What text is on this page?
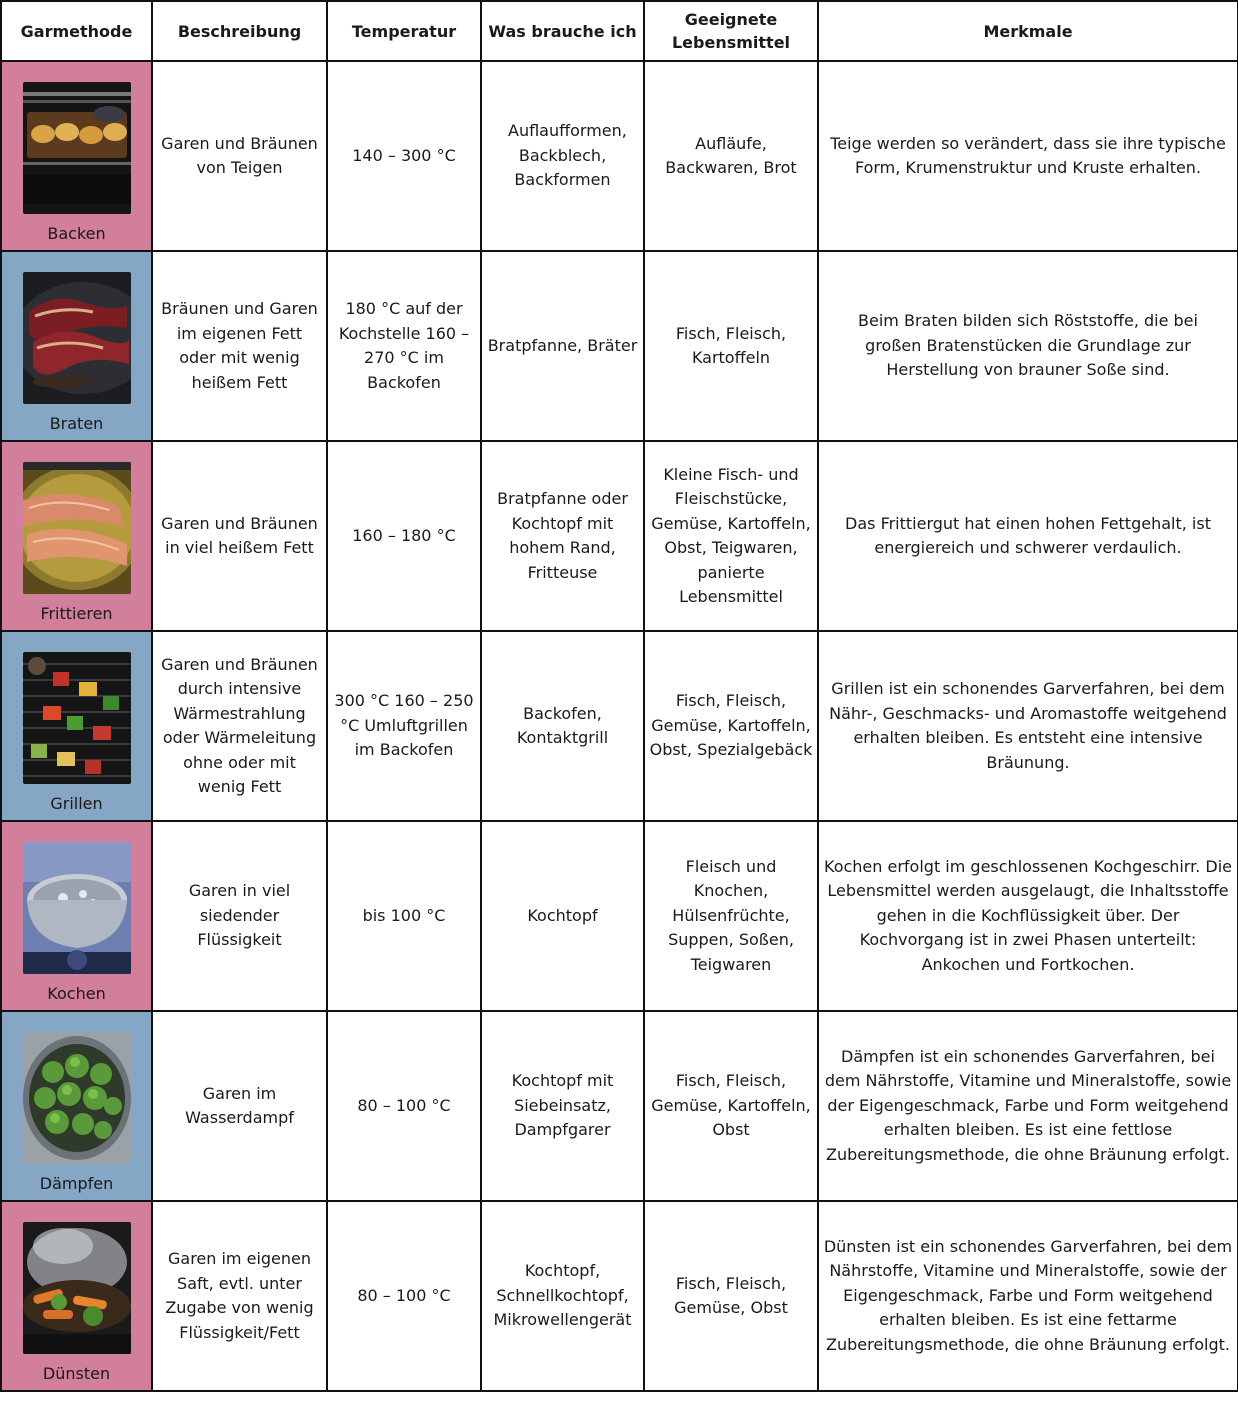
Garmethode	Beschreibung	Temperatur	Was brauche ich	Geeignete Lebensmittel	Merkmale

Backen	Garen und Bräunen von Teigen	140 – 300 °C	Auflaufformen, Backblech, Backformen	Aufläufe, Backwaren, Brot	Teige werden so verändert, dass sie ihre typische Form, Krumenstruktur und Kruste erhalten.

Braten	Bräunen und Garen im eigenen Fett oder mit wenig heißem Fett	180 °C auf der Kochstelle 160 – 270 °C im Backofen	Bratpfanne, Bräter	Fisch, Fleisch, Kartoffeln	Beim Braten bilden sich Röststoffe, die bei großen Bratenstücken die Grundlage zur Herstellung von brauner Soße sind.

Frittieren	Garen und Bräunen in viel heißem Fett	160 – 180 °C	Bratpfanne oder Kochtopf mit hohem Rand, Fritteuse	Kleine Fisch- und Fleischstücke, Gemüse, Kartoffeln, Obst, Teigwaren, panierte Lebensmittel	Das Frittiergut hat einen hohen Fettgehalt, ist energiereich und schwerer verdaulich.

Grillen	Garen und Bräunen durch intensive Wärmestrahlung oder Wärmeleitung ohne oder mit wenig Fett	300 °C 160 – 250 °C Umluftgrillen im Backofen	Backofen, Kontaktgrill	Fisch, Fleisch, Gemüse, Kartoffeln, Obst, Spezialgebäck	Grillen ist ein schonendes Garverfahren, bei dem Nähr-, Geschmacks- und Aromastoffe weitgehend erhalten bleiben. Es entsteht eine intensive Bräunung.

Kochen	Garen in viel siedender Flüssigkeit	bis 100 °C	Kochtopf	Fleisch und Knochen, Hülsenfrüchte, Suppen, Soßen, Teigwaren	Kochen erfolgt im geschlossenen Kochgeschirr. Die Lebensmittel werden ausgelaugt, die Inhaltsstoffe gehen in die Kochflüssigkeit über. Der Kochvorgang ist in zwei Phasen unterteilt: Ankochen und Fortkochen.

Dämpfen	Garen im Wasserdampf	80 – 100 °C	Kochtopf mit Siebeinsatz, Dampfgarer	Fisch, Fleisch, Gemüse, Kartoffeln, Obst	Dämpfen ist ein schonendes Garverfahren, bei dem Nährstoffe, Vitamine und Mineralstoffe, sowie der Eigengeschmack, Farbe und Form weitgehend erhalten bleiben. Es ist eine fettlose Zubereitungsmethode, die ohne Bräunung erfolgt.

Dünsten	Garen im eigenen Saft, evtl. unter Zugabe von wenig Flüssigkeit/Fett	80 – 100 °C	Kochtopf, Schnellkochtopf, Mikrowellengerät	Fisch, Fleisch, Gemüse, Obst	Dünsten ist ein schonendes Garverfahren, bei dem Nährstoffe, Vitamine und Mineralstoffe, sowie der Eigengeschmack, Farbe und Form weitgehend erhalten bleiben. Es ist eine fettarme Zubereitungsmethode, die ohne Bräunung erfolgt.
